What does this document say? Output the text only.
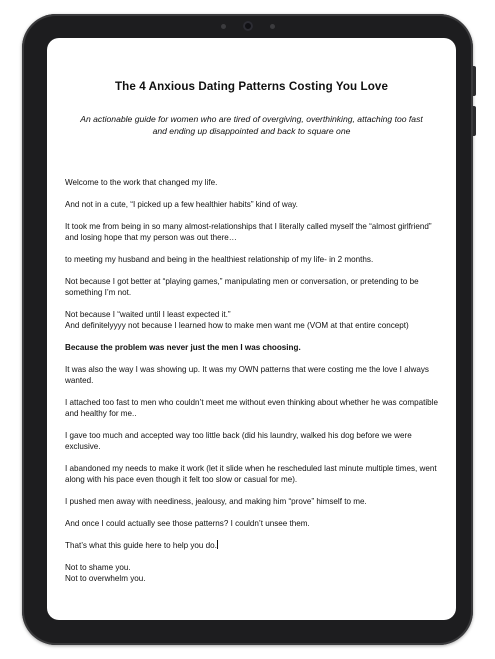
The 4 Anxious Dating Patterns Costing You Love

An actionable guide for women who are tired of overgiving, overthinking, attaching too fast and ending up disappointed and back to square one

Welcome to the work that changed my life.

And not in a cute, “I picked up a few healthier habits” kind of way.

It took me from being in so many almost-relationships that I literally called myself the “almost girlfriend” and losing hope that my person was out there…

to meeting my husband and being in the healthiest relationship of my life- in 2 months.

Not because I got better at “playing games,” manipulating men or conversation, or pretending to be something I’m not.

Not because I “waited until I least expected it.”

And definitelyyyy not because I learned how to make men want me (VOM at that entire concept)

Because the problem was never just the men I was choosing.

It was also the way I was showing up. It was my OWN patterns that were costing me the love I always wanted.

I attached too fast to men who couldn’t meet me without even thinking about whether he was compatible and healthy for me..

I gave too much and accepted way too little back (did his laundry, walked his dog before we were exclusive.

I abandoned my needs to make it work (let it slide when he rescheduled last minute multiple times, went along with his pace even though it felt too slow or casual for me).

I pushed men away with neediness, jealousy, and making him “prove” himself to me.

And once I could actually see those patterns? I couldn’t unsee them.

That’s what this guide here to help you do.

Not to shame you.

Not to overwhelm you.
